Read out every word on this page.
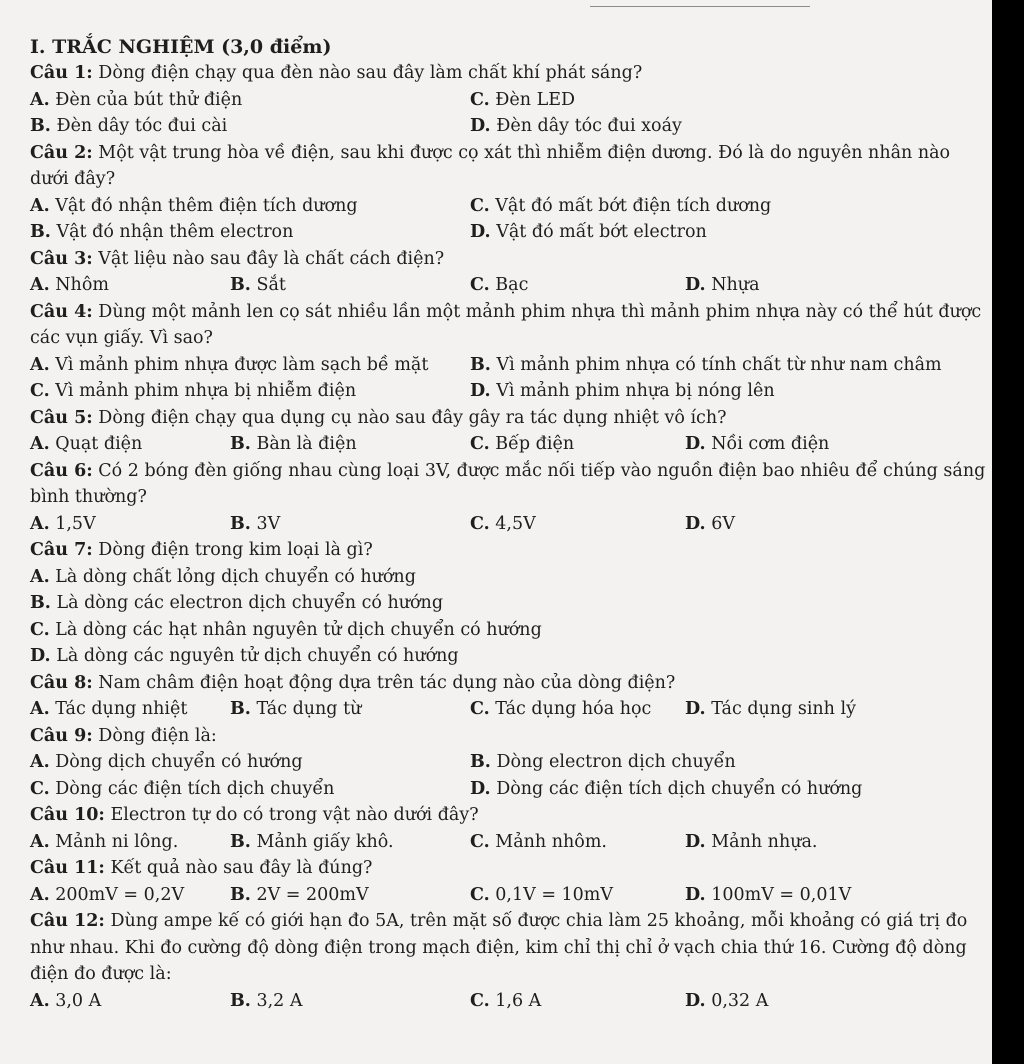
I. TRẮC NGHIỆM (3,0 điểm)
Câu 1: Dòng điện chạy qua đèn nào sau đây làm chất khí phát sáng?
A. Đèn của bút thử điện	C. Đèn LED
B. Đèn dây tóc đui cài	D. Đèn dây tóc đui xoáy
Câu 2: Một vật trung hòa về điện, sau khi được cọ xát thì nhiễm điện dương. Đó là do nguyên nhân nào dưới đây?
A. Vật đó nhận thêm điện tích dương	C. Vật đó mất bớt điện tích dương
B. Vật đó nhận thêm electron	D. Vật đó mất bớt electron
Câu 3: Vật liệu nào sau đây là chất cách điện?
A. Nhôm	B. Sắt	C. Bạc	D. Nhựa
Câu 4: Dùng một mảnh len cọ sát nhiều lần một mảnh phim nhựa thì mảnh phim nhựa này có thể hút được các vụn giấy. Vì sao?
A. Vì mảnh phim nhựa được làm sạch bề mặt B. Vì mảnh phim nhựa có tính chất từ như nam châm
C. Vì mảnh phim nhựa bị nhiễm điện	D. Vì mảnh phim nhựa bị nóng lên
Câu 5: Dòng điện chạy qua dụng cụ nào sau đây gây ra tác dụng nhiệt vô ích?
A. Quạt điện	B. Bàn là điện	C. Bếp điện	D. Nồi cơm điện
Câu 6: Có 2 bóng đèn giống nhau cùng loại 3V, được mắc nối tiếp vào nguồn điện bao nhiêu để chúng sáng bình thường?
A. 1,5V	B. 3V	C. 4,5V	D. 6V
Câu 7: Dòng điện trong kim loại là gì?
A. Là dòng chất lỏng dịch chuyển có hướng
B. Là dòng các electron dịch chuyển có hướng
C. Là dòng các hạt nhân nguyên tử dịch chuyển có hướng
D. Là dòng các nguyên tử dịch chuyển có hướng
Câu 8: Nam châm điện hoạt động dựa trên tác dụng nào của dòng điện?
A. Tác dụng nhiệt B. Tác dụng từ	C. Tác dụng hóa học D. Tác dụng sinh lý
Câu 9: Dòng điện là:
A. Dòng dịch chuyển có hướng	B. Dòng electron dịch chuyển
C. Dòng các điện tích dịch chuyển	D. Dòng các điện tích dịch chuyển có hướng
Câu 10: Electron tự do có trong vật nào dưới đây?
A. Mảnh ni lông.	B. Mảnh giấy khô.	C. Mảnh nhôm.	D. Mảnh nhựa.
Câu 11: Kết quả nào sau đây là đúng?
A. 200mV = 0,2V	B. 2V = 200mV	C. 0,1V = 10mV	D. 100mV = 0,01V
Câu 12: Dùng ampe kế có giới hạn đo 5A, trên mặt số được chia làm 25 khoảng, mỗi khoảng có giá trị đo như nhau. Khi đo cường độ dòng điện trong mạch điện, kim chỉ thị chỉ ở vạch chia thứ 16. Cường độ dòng điện đo được là:
A. 3,0 A	B. 3,2 A	C. 1,6 A	D. 0,32 A
